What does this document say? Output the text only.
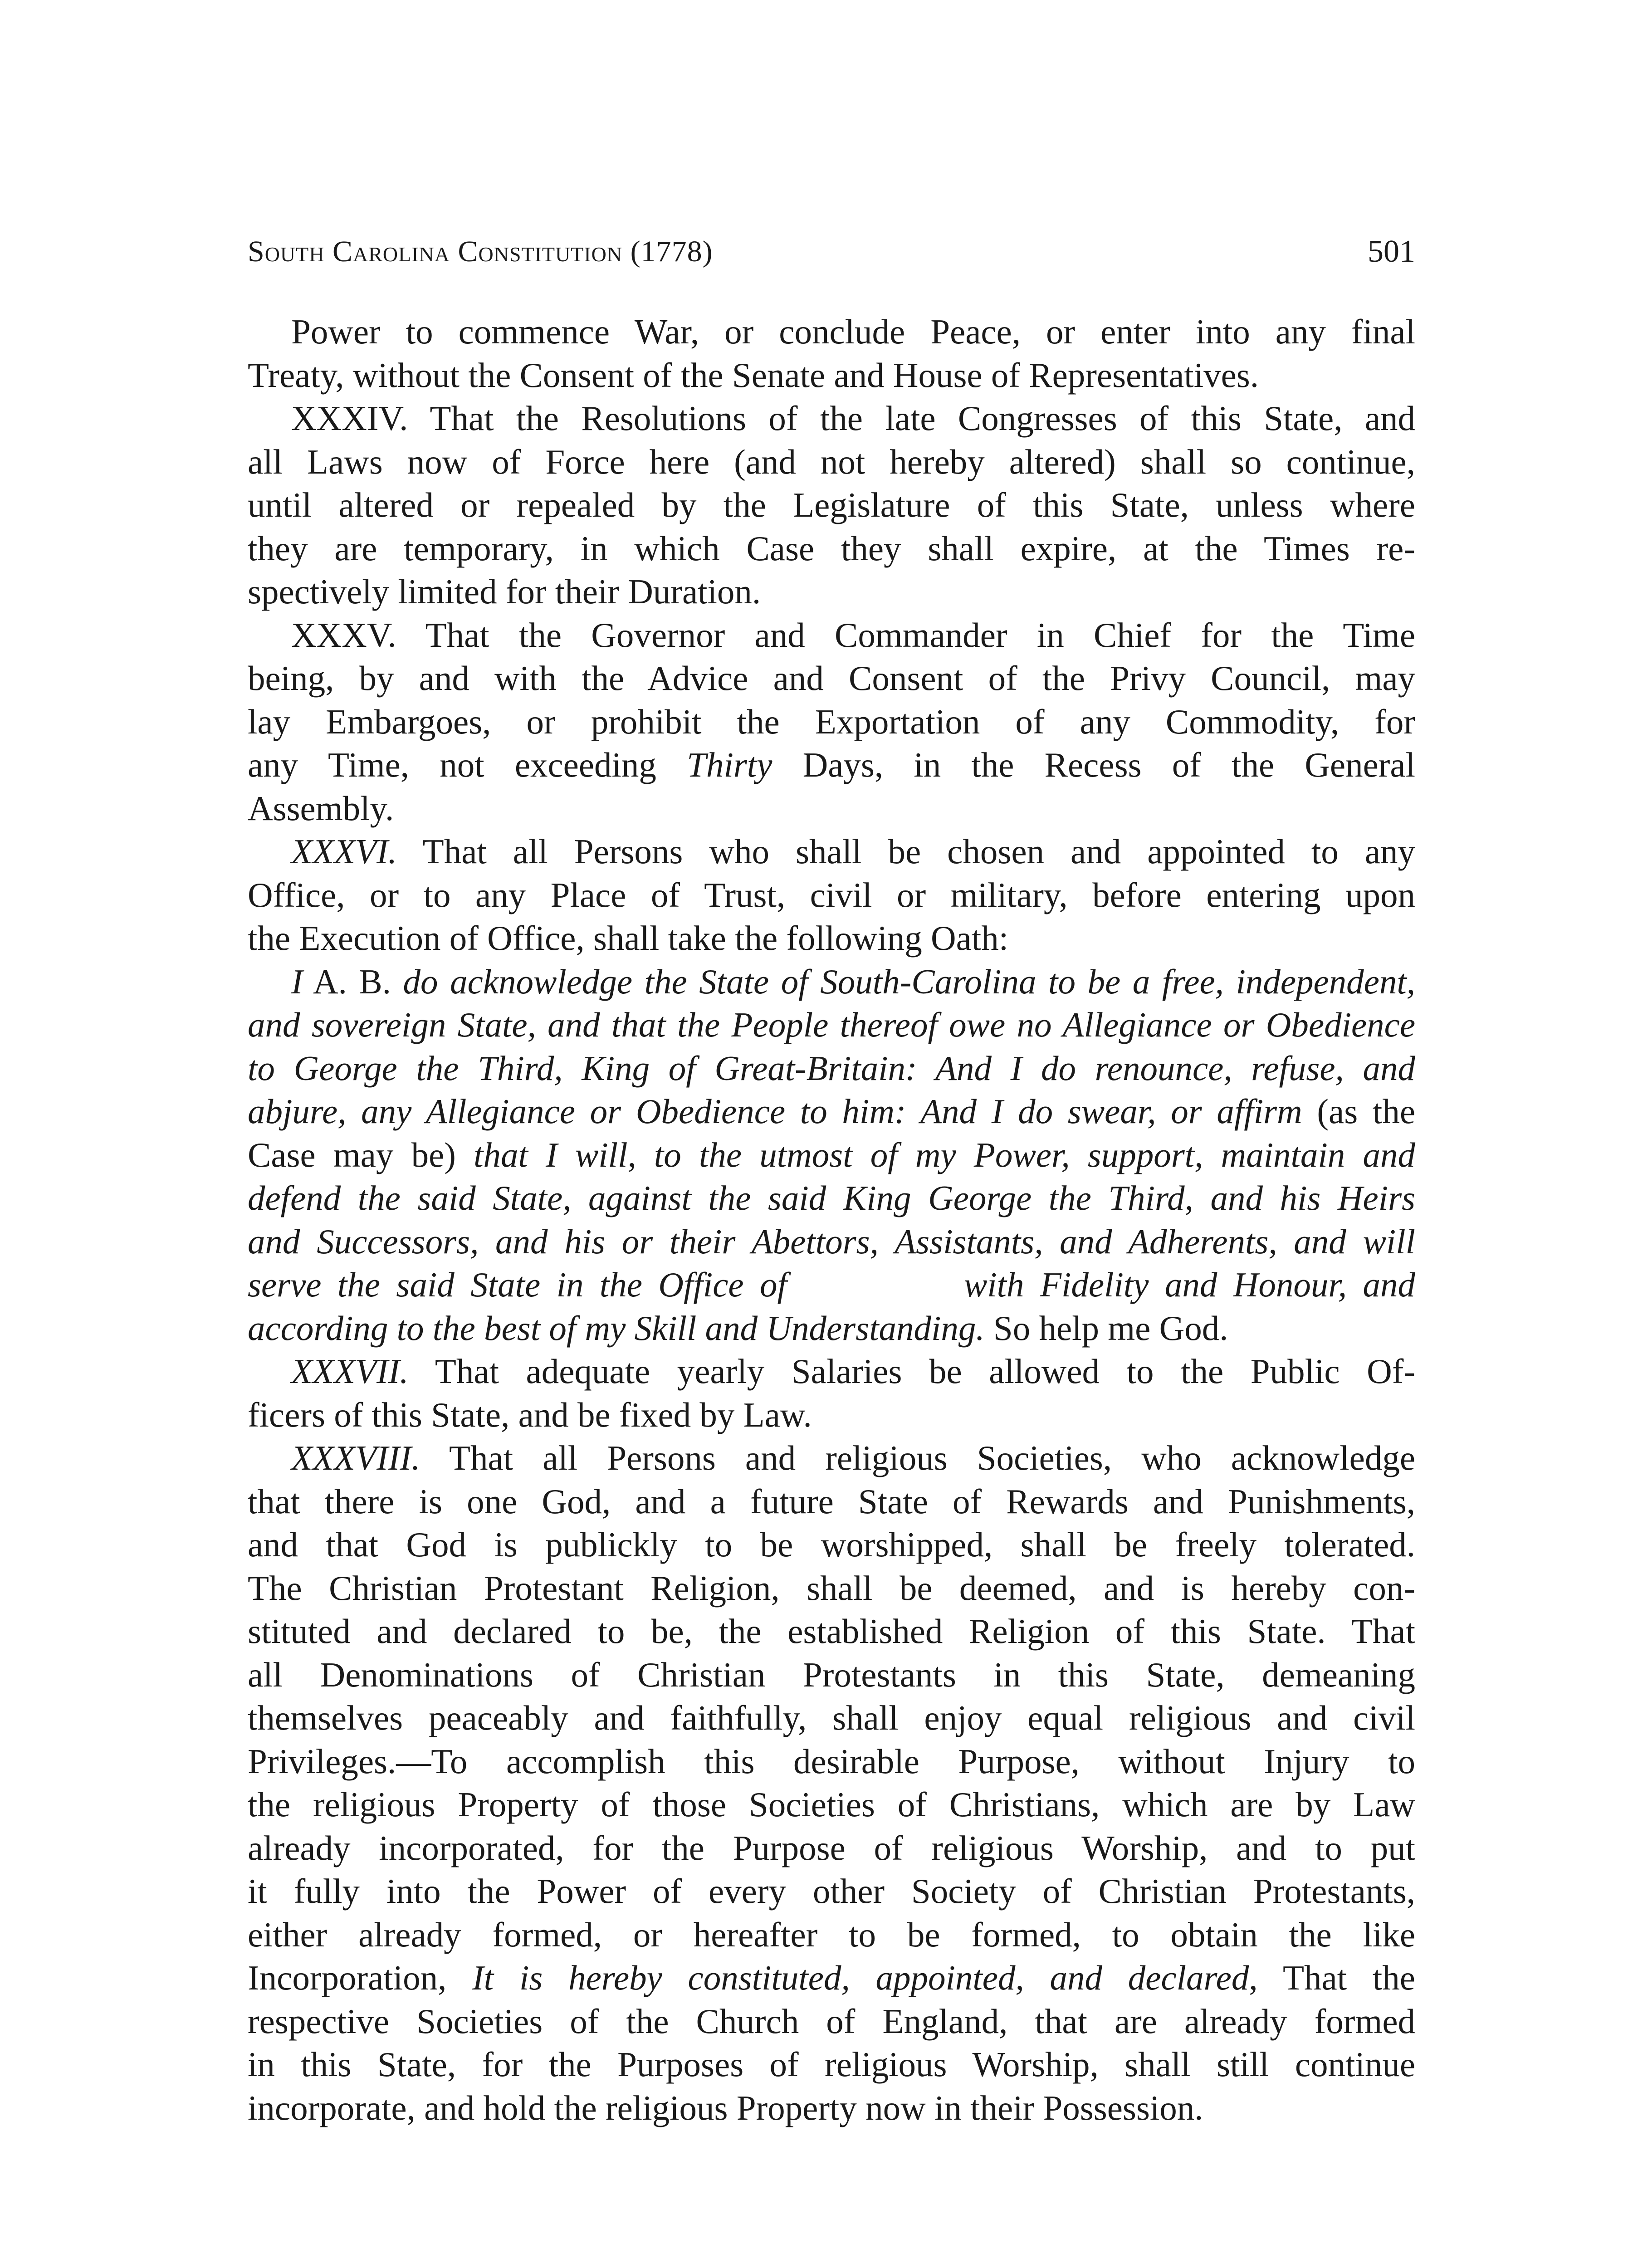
South Carolina Constitution (1778)	501

Power to commence War, or conclude Peace, or enter into any final

Treaty, without the Consent of the Senate and House of Representatives.

XXXIV. That the Resolutions of the late Congresses of this State, and

all Laws now of Force here (and not hereby altered) shall so continue,

until altered or repealed by the Legislature of this State, unless where

they are temporary, in which Case they shall expire, at the Times re-

spectively limited for their Duration.

XXXV. That the Governor and Commander in Chief for the Time

being, by and with the Advice and Consent of the Privy Council, may

lay Embargoes, or prohibit the Exportation of any Commodity, for

any Time, not exceeding Thirty Days, in the Recess of the General

Assembly.

XXXVI. That all Persons who shall be chosen and appointed to any

Office, or to any Place of Trust, civil or military, before entering upon

the Execution of Office, shall take the following Oath:

I A. B. do acknowledge the State of South-Carolina to be a free, independent,

and sovereign State, and that the People thereof owe no Allegiance or Obedience

to George the Third, King of Great-Britain: And I do renounce, refuse, and

abjure, any Allegiance or Obedience to him: And I do swear, or affirm (as the

Case may be) that I will, to the utmost of my Power, support, maintain and

defend the said State, against the said King George the Third, and his Heirs

and Successors, and his or their Abettors, Assistants, and Adherents, and will

serve the said State in the Office of	with Fidelity and Honour, and

according to the best of my Skill and Understanding. So help me God.

XXXVII. That adequate yearly Salaries be allowed to the Public Of-

ficers of this State, and be fixed by Law.

XXXVIII. That all Persons and religious Societies, who acknowledge

that there is one God, and a future State of Rewards and Punishments,

and that God is publickly to be worshipped, shall be freely tolerated.

The Christian Protestant Religion, shall be deemed, and is hereby con-

stituted and declared to be, the established Religion of this State. That

all Denominations of Christian Protestants in this State, demeaning

themselves peaceably and faithfully, shall enjoy equal religious and civil

Privileges.—To accomplish this desirable Purpose, without Injury to

the religious Property of those Societies of Christians, which are by Law

already incorporated, for the Purpose of religious Worship, and to put

it fully into the Power of every other Society of Christian Protestants,

either already formed, or hereafter to be formed, to obtain the like

Incorporation, It is hereby constituted, appointed, and declared, That the

respective Societies of the Church of England, that are already formed

in this State, for the Purposes of religious Worship, shall still continue

incorporate, and hold the religious Property now in their Possession.
